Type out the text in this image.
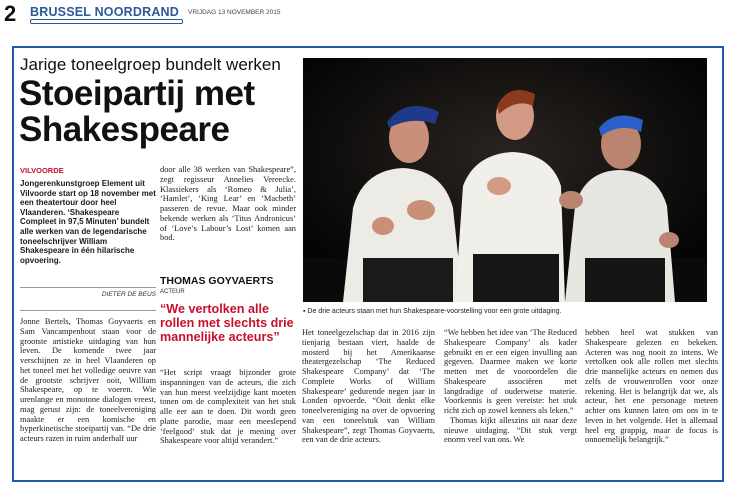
2 BRUSSEL NOORDRAND VRIJDAG 13 NOVEMBER 2015
Jarige toneelgroep bundelt werken
Stoeipartij met Shakespeare
VILVOORDE
Jongerenkunstgroep Element uit Vilvoorde start op 18 november met een theatertour door heel Vlaanderen. ‘Shakespeare Compleet in 97,5 Minuten’ bundelt alle werken van de legendarische toneelschrijver William Shakespeare in één hilarische opvoering.
DIETER DE BEUS
Jonne Bertels, Thomas Goyvaerts en Sam Vancampenhout staan voor de grootste artistieke uitdaging van hun leven. De komende twee jaar verschijnen ze in heel Vlaanderen op het toneel met het volledige oeuvre van de grootste schrijver ooit, William Shakespeare, op te voeren. Wie urenlange en monotone dialogen vreest, mag gerust zijn: de toneelvereniging maakte er een komische en hyperkinetische stoeipartij van. “De drie acteurs razen in ruim anderhalf uur
door alle 38 werken van Shakespeare”, zegt regisseur Annelies Vereecke. Klassiekers als ‘Romeo & Julia’, ‘Hamlet’, ‘King Lear’ en ‘Macbeth’ passeren de revue. Maar ook minder bekende werken als ‘Titus Andronicus’ of ‘Love’s Labour’s Lost’ komen aan bod.
THOMAS GOYVAERTS
ACTEUR
“We vertolken alle rollen met slechts drie mannelijke acteurs”
“Het script vraagt bijzonder grote inspanningen van de acteurs, die zich van hun meest veelzijdige kant moeten tonen om de complexiteit van het stuk alle eer aan te doen. Dit wordt geen platte parodie, maar een meeslepend ‘feelgood’ stuk dat je mening over Shakespeare voor altijd verandert.”
▪ De drie acteurs staan met hun Shakespeare-voorstelling voor een grote uitdaging.
Het toneelgezelschap dat in 2016 zijn tienjarig bestaan viert, haalde de mosterd bij het Amerikaanse theatergezelschap ‘The Reduced Shakespeare Company’ dat ‘The Complete Works of William Shakespeare’ gedurende negen jaar in Londen opvoerde. “Ooit denkt elke toneelvereniging na over de opvoering van een toneelstuk van William Shakespeare”, zegt Thomas Goyvaerts, een van de drie acteurs.
“We hebben het idee van ‘The Reduced Shakespeare Company’ als kader gebruikt en er een eigen invulling aan gegeven. Daarmee maken we korte metten met de vooroordelen die Shakespeare associëren met langdradige of ouderwetse materie. Voorkennis is geen vereiste: het stuk richt zich op zowel kenners als leken.”
Thomas kijkt alleszins uit naar deze nieuwe uitdaging. “Dit stuk vergt enorm veel van ons. We
hebben heel wat stukken van Shakespeare gelezen en bekeken. Acteren was nog nooit zo intens. We vertolken ook alle rollen met slechts drie mannelijke acteurs en nemen dus zelfs de vrouwenrollen voor onze rekening. Het is belangrijk dat we, als acteur, het ene personage meteen achter ons kunnen laten om ons in te leven in het volgende. Het is allemaal heel erg grappig, maar de focus is onnoemelijk belangrijk.”
